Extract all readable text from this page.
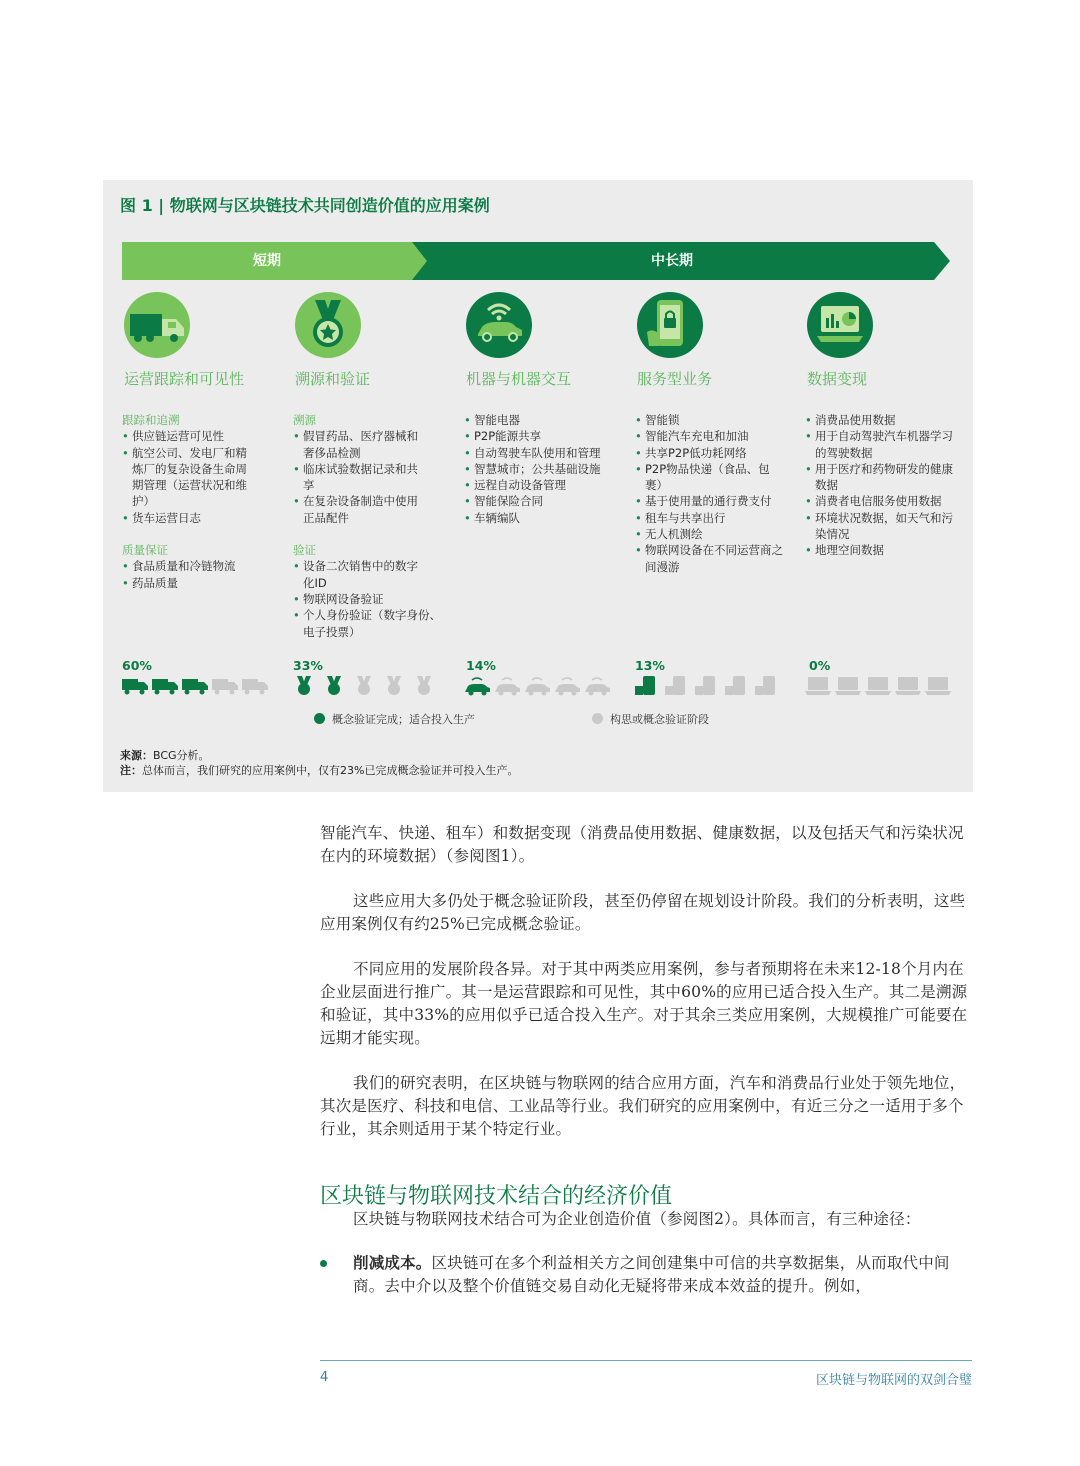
图 1 | 物联网与区块链技术共同创造价值的应用案例
短期	中长期
运营跟踪和可见性
跟踪和追溯
• 供应链运营可见性
• 航空公司、发电厂和精炼厂的复杂设备生命周期管理（运营状况和维护）
• 货车运营日志
质量保证
• 食品质量和冷链物流
• 药品质量
溯源和验证
溯源
• 假冒药品、医疗器械和奢侈品检测
• 临床试验数据记录和共享
• 在复杂设备制造中使用正品配件
验证
• 设备二次销售中的数字化ID
• 物联网设备验证
• 个人身份验证（数字身份、电子投票）
机器与机器交互
• 智能电器
• P2P能源共享
• 自动驾驶车队使用和管理
• 智慧城市；公共基础设施
• 远程自动设备管理
• 智能保险合同
• 车辆编队
服务型业务
• 智能锁
• 智能汽车充电和加油
• 共享P2P低功耗网络
• P2P物品快递（食品、包裹）
• 基于使用量的通行费支付
• 租车与共享出行
• 无人机测绘
• 物联网设备在不同运营商之间漫游
数据变现
• 消费品使用数据
• 用于自动驾驶汽车机器学习的驾驶数据
• 用于医疗和药物研发的健康数据
• 消费者电信服务使用数据
• 环境状况数据，如天气和污染情况
• 地理空间数据
60%	33%	14%	13%	0%
概念验证完成；适合投入生产	构思或概念验证阶段
来源：BCG分析。
注：总体而言，我们研究的应用案例中，仅有23%已完成概念验证并可投入生产。
智能汽车、快递、租车）和数据变现（消费品使用数据、健康数据，以及包括天气和污染状况在内的环境数据）（参阅图1）。
这些应用大多仍处于概念验证阶段，甚至仍停留在规划设计阶段。我们的分析表明，这些应用案例仅有约25%已完成概念验证。
不同应用的发展阶段各异。对于其中两类应用案例，参与者预期将在未来12-18个月内在企业层面进行推广。其一是运营跟踪和可见性，其中60%的应用已适合投入生产。其二是溯源和验证，其中33%的应用似乎已适合投入生产。对于其余三类应用案例，大规模推广可能要在远期才能实现。
我们的研究表明，在区块链与物联网的结合应用方面，汽车和消费品行业处于领先地位，其次是医疗、科技和电信、工业品等行业。我们研究的应用案例中，有近三分之一适用于多个行业，其余则适用于某个特定行业。
区块链与物联网技术结合的经济价值
区块链与物联网技术结合可为企业创造价值（参阅图2）。具体而言，有三种途径：
削减成本。区块链可在多个利益相关方之间创建集中可信的共享数据集，从而取代中间商。去中介以及整个价值链交易自动化无疑将带来成本效益的提升。例如，
4	区块链与物联网的双剑合璧
